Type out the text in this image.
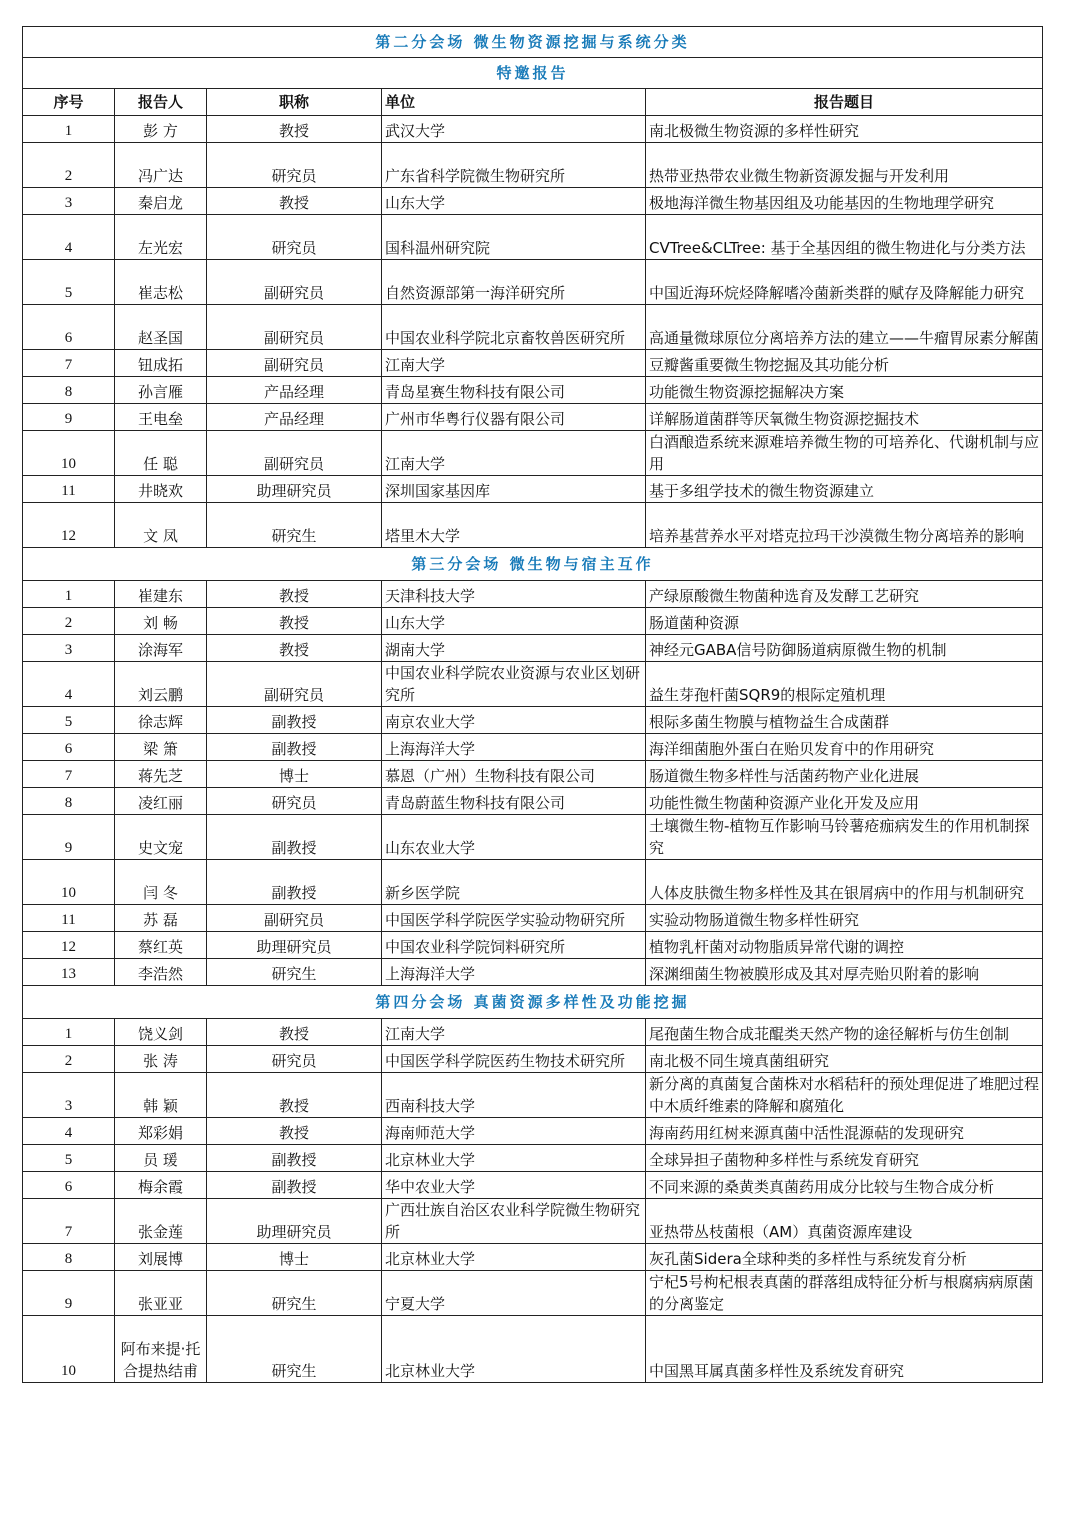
第二分会场 微生物资源挖掘与系统分类				
特邀报告				
序号	报告人	职称	单位	报告题目
1	彭 方	教授	武汉大学	南北极微生物资源的多样性研究
2	冯广达	研究员	广东省科学院微生物研究所	热带亚热带农业微生物新资源发掘与开发利用
3	秦启龙	教授	山东大学	极地海洋微生物基因组及功能基因的生物地理学研究
4	左光宏	研究员	国科温州研究院	CVTree&CLTree: 基于全基因组的微生物进化与分类方法
5	崔志松	副研究员	自然资源部第一海洋研究所	中国近海环烷烃降解嗜冷菌新类群的赋存及降解能力研究
6	赵圣国	副研究员	中国农业科学院北京畜牧兽医研究所	高通量微球原位分离培养方法的建立——牛瘤胃尿素分解菌
7	钮成拓	副研究员	江南大学	豆瓣酱重要微生物挖掘及其功能分析
8	孙言雁	产品经理	青岛星赛生物科技有限公司	功能微生物资源挖掘解决方案
9	王电垒	产品经理	广州市华粤行仪器有限公司	详解肠道菌群等厌氧微生物资源挖掘技术
10	任 聪	副研究员	江南大学	白酒酿造系统来源难培养微生物的可培养化、代谢机制与应用
11	井晓欢	助理研究员	深圳国家基因库	基于多组学技术的微生物资源建立
12	文 凤	研究生	塔里木大学	培养基营养水平对塔克拉玛干沙漠微生物分离培养的影响
第三分会场 微生物与宿主互作				
1	崔建东	教授	天津科技大学	产绿原酸微生物菌种选育及发酵工艺研究
2	刘 畅	教授	山东大学	肠道菌种资源
3	涂海军	教授	湖南大学	神经元GABA信号防御肠道病原微生物的机制
4	刘云鹏	副研究员	中国农业科学院农业资源与农业区划研究所	益生芽孢杆菌SQR9的根际定殖机理
5	徐志辉	副教授	南京农业大学	根际多菌生物膜与植物益生合成菌群
6	梁 箫	副教授	上海海洋大学	海洋细菌胞外蛋白在贻贝发育中的作用研究
7	蒋先芝	博士	慕恩（广州）生物科技有限公司	肠道微生物多样性与活菌药物产业化进展
8	凌红丽	研究员	青岛蔚蓝生物科技有限公司	功能性微生物菌种资源产业化开发及应用
9	史文宠	副教授	山东农业大学	土壤微生物-植物互作影响马铃薯疮痂病发生的作用机制探究
10	闫 冬	副教授	新乡医学院	人体皮肤微生物多样性及其在银屑病中的作用与机制研究
11	苏 磊	副研究员	中国医学科学院医学实验动物研究所	实验动物肠道微生物多样性研究
12	蔡红英	助理研究员	中国农业科学院饲料研究所	植物乳杆菌对动物脂质异常代谢的调控
13	李浩然	研究生	上海海洋大学	深渊细菌生物被膜形成及其对厚壳贻贝附着的影响
第四分会场 真菌资源多样性及功能挖掘				
1	饶义剑	教授	江南大学	尾孢菌生物合成苝醌类天然产物的途径解析与仿生创制
2	张 涛	研究员	中国医学科学院医药生物技术研究所	南北极不同生境真菌组研究
3	韩 颖	教授	西南科技大学	新分离的真菌复合菌株对水稻秸秆的预处理促进了堆肥过程中木质纤维素的降解和腐殖化
4	郑彩娟	教授	海南师范大学	海南药用红树来源真菌中活性混源萜的发现研究
5	员 瑗	副教授	北京林业大学	全球异担子菌物种多样性与系统发育研究
6	梅余霞	副教授	华中农业大学	不同来源的桑黄类真菌药用成分比较与生物合成分析
7	张金莲	助理研究员	广西壮族自治区农业科学院微生物研究所	亚热带丛枝菌根（AM）真菌资源库建设
8	刘展博	博士	北京林业大学	灰孔菌Sidera全球种类的多样性与系统发育分析
9	张亚亚	研究生	宁夏大学	宁杞5号枸杞根表真菌的群落组成特征分析与根腐病病原菌的分离鉴定
10	阿布来提·托合提热结甫	研究生	北京林业大学	中国黑耳属真菌多样性及系统发育研究
